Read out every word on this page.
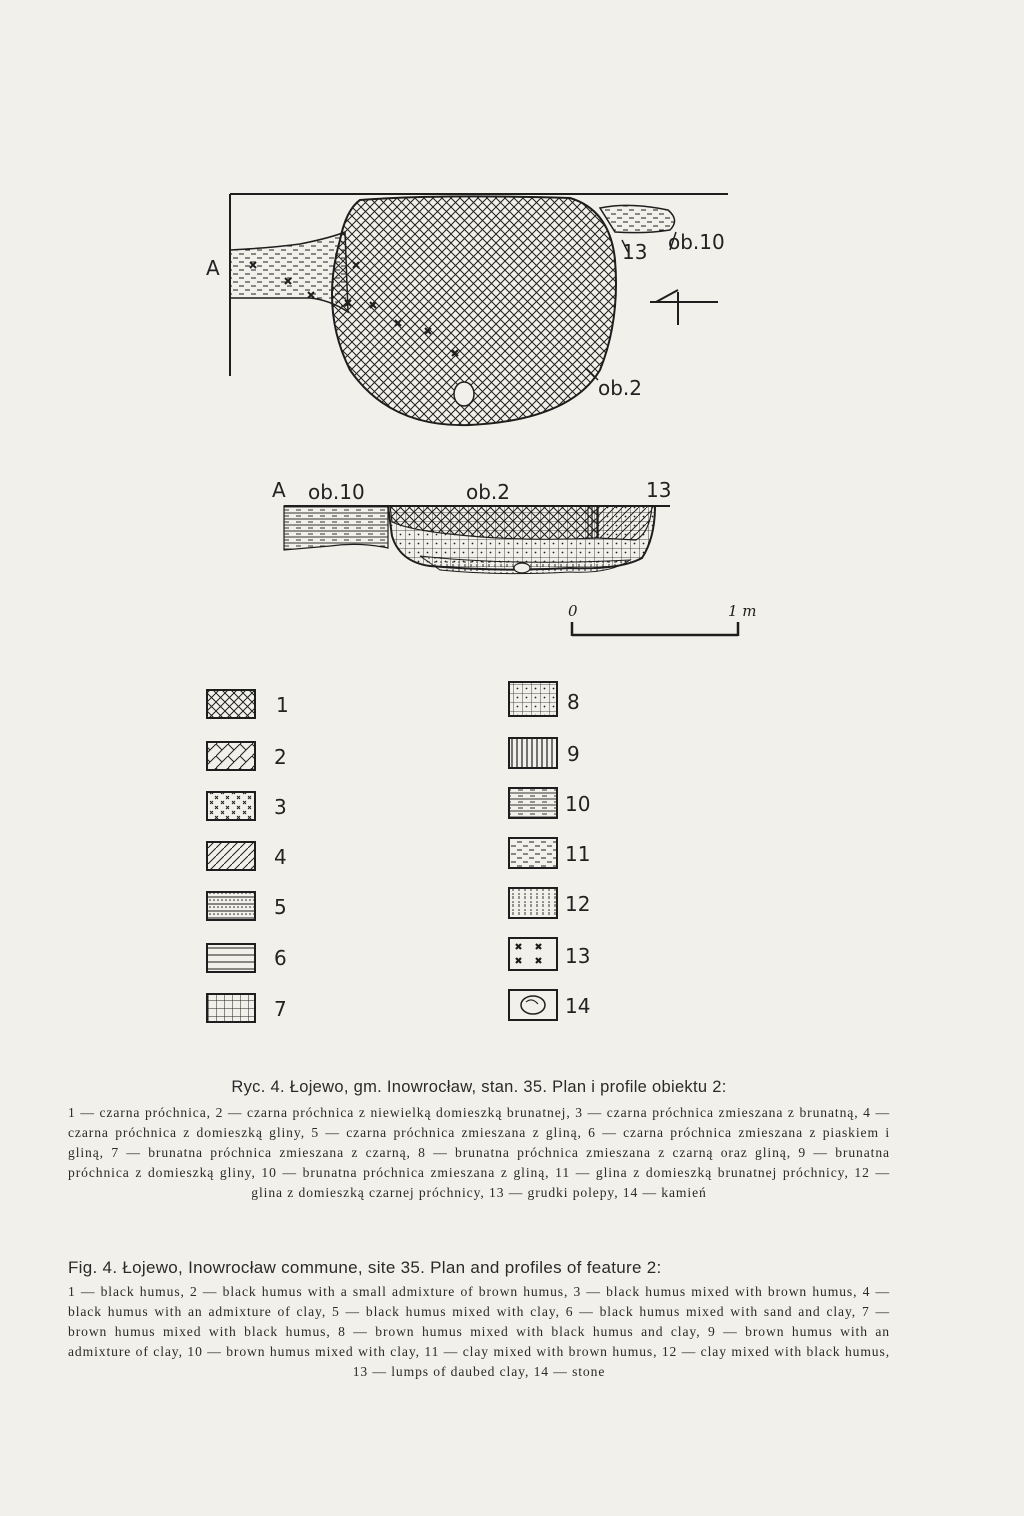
A
13 ob.10
ob.2
A ob.10	ob.2	13
0	1 m
1
2
3
4
5
6
7
8
9
10
11
12
13
14
Ryc. 4. Łojewo, gm. Inowrocław, stan. 35. Plan i profile obiektu 2:
1 — czarna próchnica, 2 — czarna próchnica z niewielką domieszką brunatnej, 3 — czarna próchnica zmieszana z brunatną, 4 — czarna próchnica z domieszką gliny, 5 — czarna próchnica zmieszana z gliną, 6 — czarna próchnica zmieszana z piaskiem i gliną, 7 — brunatna próchnica zmieszana z czarną, 8 — brunatna próchnica zmieszana z czarną oraz gliną, 9 — brunatna próchnica z domieszką gliny, 10 — brunatna próchnica zmieszana z gliną, 11 — glina z domieszką brunatnej próchnicy, 12 — glina z domieszką czarnej próchnicy, 13 — grudki polepy, 14 — kamień
Fig. 4. Łojewo, Inowrocław commune, site 35. Plan and profiles of feature 2:
1 — black humus, 2 — black humus with a small admixture of brown humus, 3 — black humus mixed with brown humus, 4 — black humus with an admixture of clay, 5 — black humus mixed with clay, 6 — black humus mixed with sand and clay, 7 — brown humus mixed with black humus, 8 — brown humus mixed with black humus and clay, 9 — brown humus with an admixture of clay, 10 — brown humus mixed with clay, 11 — clay mixed with brown humus, 12 — clay mixed with black humus, 13 — lumps of daubed clay, 14 — stone
